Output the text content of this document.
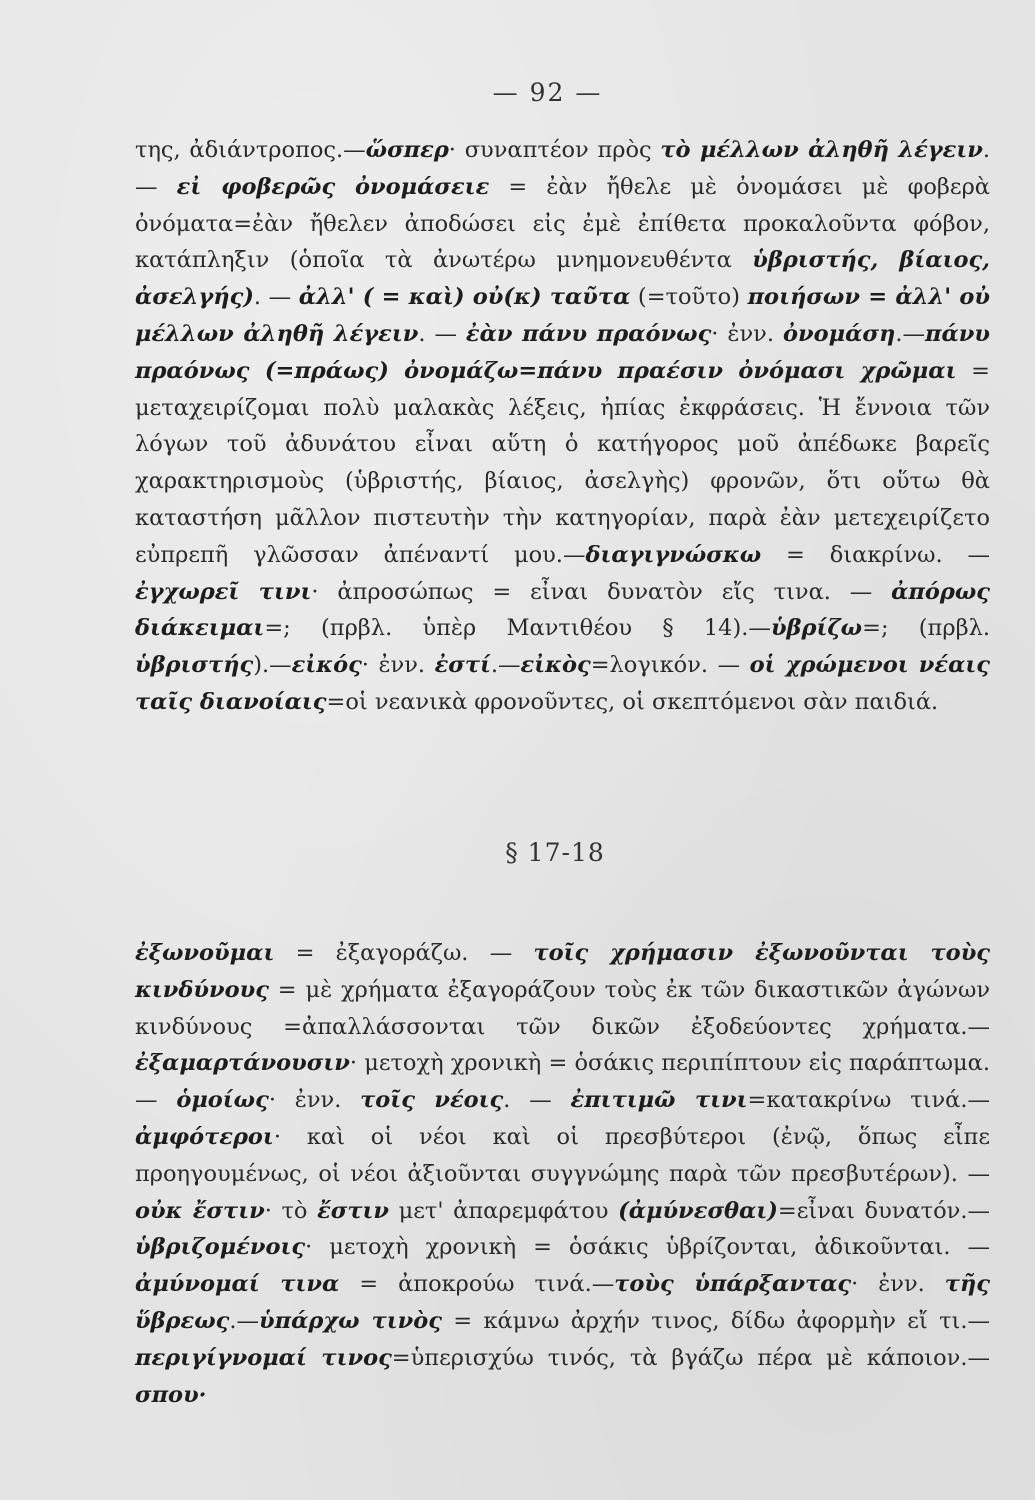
— 92 —
της, ἀδιάντροπος.—ὥσπερ· συναπτέον πρὸς τὸ μέλλων ἀληθῆ λέγειν. — εἰ φοβερῶς ὀνομάσειε = ἐὰν ἤθελε μὲ ὀνομάσει μὲ φοβερὰ ὀνόματα=ἐὰν ἤθελεν ἀποδώσει εἰς ἐμὲ ἐπίθετα προκαλοῦντα φόβον, κατάπληξιν (ὁποῖα τὰ ἀνωτέρω μνημονευθέντα ὑβριστής, βίαιος, ἀσελγής). — ἀλλ' ( = καὶ) οὐ(κ) ταῦτα (=τοῦτο) ποιήσων = ἀλλ' οὐ μέλλων ἀληθῆ λέγειν. — ἐὰν πάνυ πραόνως· ἐνν. ὀνομάση.—πάνυ πραόνως (=πράως) ὀνομάζω=πάνυ πραέσιν ὀνόμασι χρῶμαι = μεταχειρίζομαι πολὺ μαλακὰς λέξεις, ἠπίας ἐκφράσεις. Ἡ ἔννοια τῶν λόγων τοῦ ἀδυνάτου εἶναι αὕτη ὁ κατήγορος μοῦ ἀπέδωκε βαρεῖς χαρακτηρισμοὺς (ὑβριστής, βίαιος, ἀσελγὴς) φρονῶν, ὅτι οὕτω θὰ καταστήση μᾶλλον πιστευτὴν τὴν κατηγορίαν, παρὰ ἐὰν μετεχειρίζετο εὐπρεπῆ γλῶσσαν ἀπέναντί μου.—διαγιγνώσκω = διακρίνω. — ἐγχωρεῖ τινι· ἀπροσώπως = εἶναι δυνατὸν εἴς τινα. — ἀπόρως διάκειμαι=; (πρβλ. ὑπὲρ Μαντιθέου § 14).—ὑβρίζω=; (πρβλ. ὑβριστής).—εἰκός· ἐνν. ἐστί.—εἰκὸς=λογικόν. — οἱ χρώμενοι νέαις ταῖς διανοίαις=οἱ νεανικὰ φρονοῦντες, οἱ σκεπτόμενοι σὰν παιδιά.
§ 17-18
ἐξωνοῦμαι = ἐξαγοράζω. — τοῖς χρήμασιν ἐξωνοῦνται τοὺς κινδύνους = μὲ χρήματα ἐξαγοράζουν τοὺς ἐκ τῶν δικαστικῶν ἀγώνων κινδύνους =ἀπαλλάσσονται τῶν δικῶν ἐξοδεύοντες χρήματα.—ἐξαμαρτάνουσιν· μετοχὴ χρονικὴ = ὁσάκις περιπίπτουν εἰς παράπτωμα. — ὁμοίως· ἐνν. τοῖς νέοις. — ἐπιτιμῶ τινι=κατακρίνω τινά.—ἀμφότεροι· καὶ οἱ νέοι καὶ οἱ πρεσβύτεροι (ἐνῷ, ὅπως εἶπε προηγουμένως, οἱ νέοι ἀξιοῦνται συγγνώμης παρὰ τῶν πρεσβυτέρων). — οὐκ ἔστιν· τὸ ἔστιν μετ' ἀπαρεμφάτου (ἀμύνεσθαι)=εἶναι δυνατόν.—ὑβριζομένοις· μετοχὴ χρονικὴ = ὁσάκις ὑβρίζονται, ἀδικοῦνται. — ἀμύνομαί τινα = ἀποκρούω τινά.—τοὺς ὑπάρξαντας· ἐνν. τῆς ὕβρεως.—ὑπάρχω τινὸς = κάμνω ἀρχήν τινος, δίδω ἀφορμὴν εἴ τι.— περιγίγνομαί τινος=ὑπερισχύω τινός, τὰ βγάζω πέρα μὲ κάποιον.—σπου·
